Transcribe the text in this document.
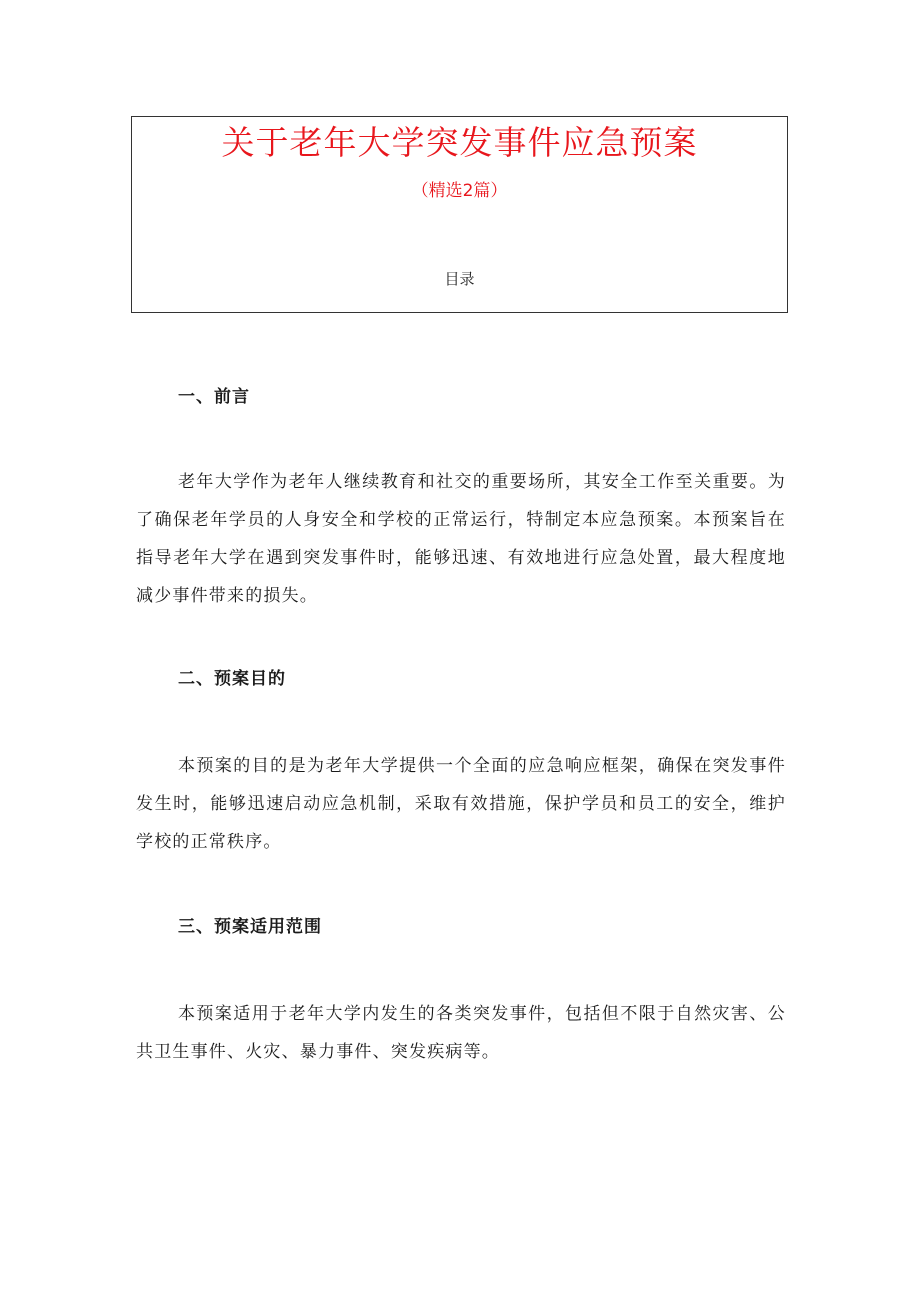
关于老年大学突发事件应急预案

（精选2篇）

目录

一、前言

老年大学作为老年人继续教育和社交的重要场所，其安全工作至关重要。为了确保老年学员的人身安全和学校的正常运行，特制定本应急预案。本预案旨在指导老年大学在遇到突发事件时，能够迅速、有效地进行应急处置，最大程度地减少事件带来的损失。

二、预案目的

本预案的目的是为老年大学提供一个全面的应急响应框架，确保在突发事件发生时，能够迅速启动应急机制，采取有效措施，保护学员和员工的安全，维护学校的正常秩序。

三、预案适用范围

本预案适用于老年大学内发生的各类突发事件，包括但不限于自然灾害、公共卫生事件、火灾、暴力事件、突发疾病等。
